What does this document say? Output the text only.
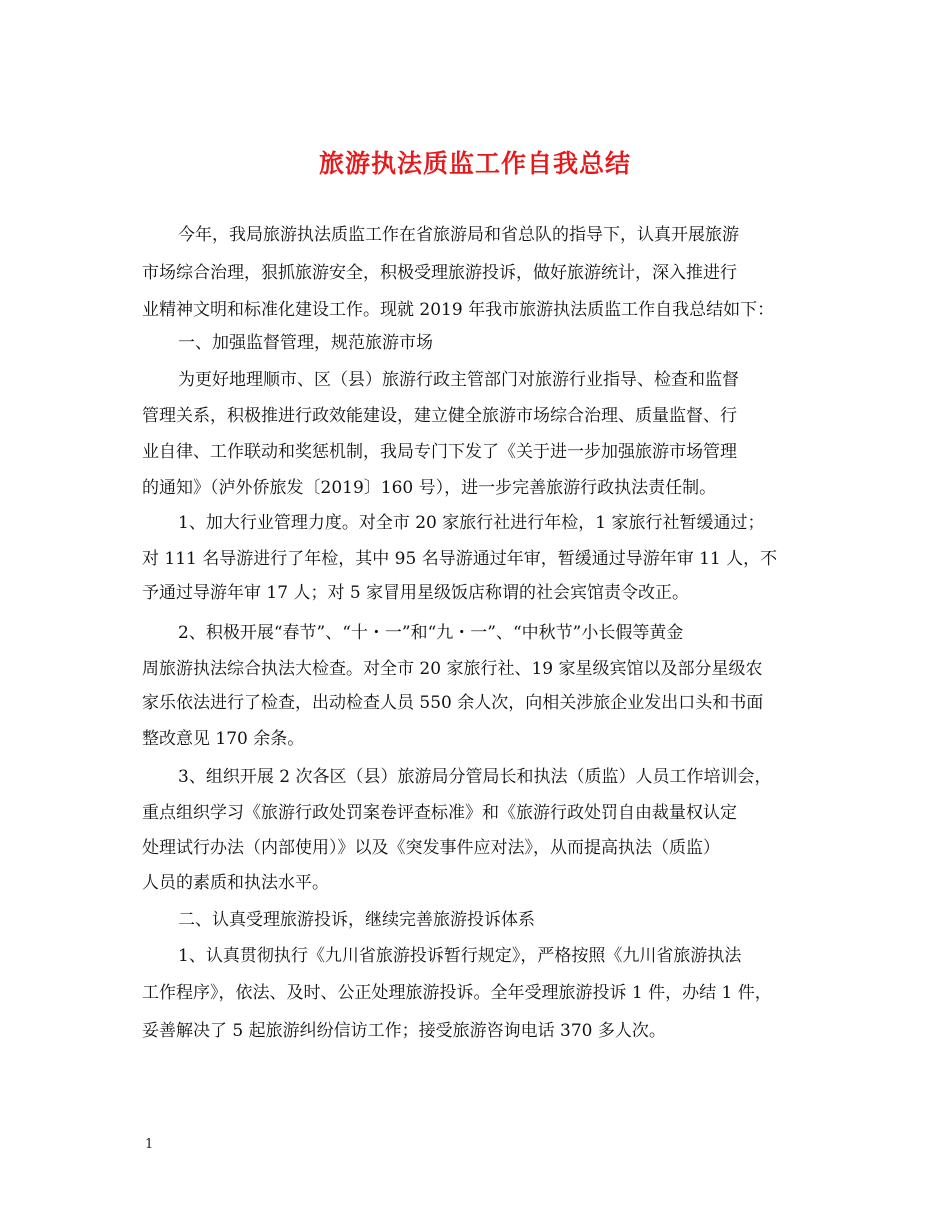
旅游执法质监工作自我总结
今年，我局旅游执法质监工作在省旅游局和省总队的指导下，认真开展旅游
市场综合治理，狠抓旅游安全，积极受理旅游投诉，做好旅游统计，深入推进行
业精神文明和标准化建设工作。现就 2019 年我市旅游执法质监工作自我总结如下：
一、加强监督管理，规范旅游市场
为更好地理顺市、区（县）旅游行政主管部门对旅游行业指导、检查和监督
管理关系，积极推进行政效能建设，建立健全旅游市场综合治理、质量监督、行
业自律、工作联动和奖惩机制，我局专门下发了《关于进一步加强旅游市场管理
的通知》（泸外侨旅发〔2019〕160 号），进一步完善旅游行政执法责任制。
1、加大行业管理力度。对全市 20 家旅行社进行年检，1 家旅行社暂缓通过；
对 111 名导游进行了年检，其中 95 名导游通过年审，暂缓通过导游年审 11 人，不
予通过导游年审 17 人；对 5 家冒用星级饭店称谓的社会宾馆责令改正。
2、积极开展“春节”、“十・一”和“九・一”、“中秋节”小长假等黄金
周旅游执法综合执法大检查。对全市 20 家旅行社、19 家星级宾馆以及部分星级农
家乐依法进行了检查，出动检查人员 550 余人次，向相关涉旅企业发出口头和书面
整改意见 170 余条。
3、组织开展 2 次各区（县）旅游局分管局长和执法（质监）人员工作培训会，
重点组织学习《旅游行政处罚案卷评查标准》和《旅游行政处罚自由裁量权认定
处理试行办法（内部使用）》以及《突发事件应对法》，从而提高执法（质监）
人员的素质和执法水平。
二、认真受理旅游投诉，继续完善旅游投诉体系
1、认真贯彻执行《九川省旅游投诉暂行规定》，严格按照《九川省旅游执法
工作程序》，依法、及时、公正处理旅游投诉。全年受理旅游投诉 1 件，办结 1 件，
妥善解决了 5 起旅游纠纷信访工作；接受旅游咨询电话 370 多人次。
1
